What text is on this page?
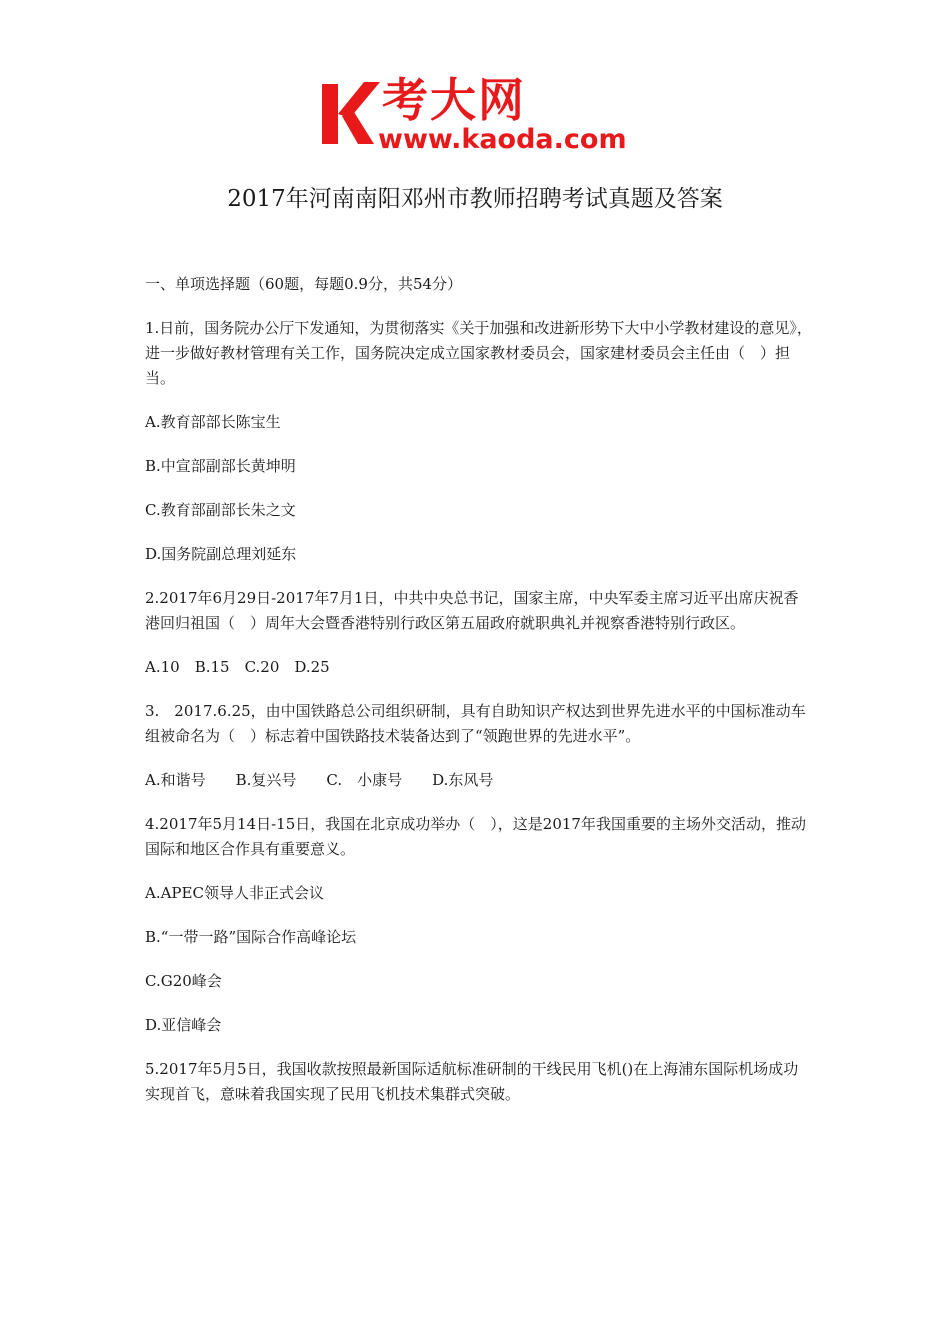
考大网
www.kaoda.com
2017年河南南阳邓州市教师招聘考试真题及答案

一、单项选择题（60题，每题0.9分，共54分）

1.日前，国务院办公厅下发通知，为贯彻落实《关于加强和改进新形势下大中小学教材建设的意见》，进一步做好教材管理有关工作，国务院决定成立国家教材委员会，国家建材委员会主任由（　）担当。

A.教育部部长陈宝生

B.中宣部副部长黄坤明

C.教育部副部长朱之文

D.国务院副总理刘延东

2.2017年6月29日-2017年7月1日，中共中央总书记，国家主席，中央军委主席习近平出席庆祝香港回归祖国（　）周年大会暨香港特别行政区第五届政府就职典礼并视察香港特别行政区。

A.10　B.15　C.20　D.25

3.　2017.6.25，由中国铁路总公司组织研制，具有自助知识产权达到世界先进水平的中国标准动车组被命名为（　）标志着中国铁路技术装备达到了“领跑世界的先进水平”。

A.和谐号　　B.复兴号　　C.　小康号　　D.东风号

4.2017年5月14日-15日，我国在北京成功举办（　），这是2017年我国重要的主场外交活动，推动国际和地区合作具有重要意义。

A.APEC领导人非正式会议

B.“一带一路”国际合作高峰论坛

C.G20峰会

D.亚信峰会

5.2017年5月5日，我国收款按照最新国际适航标准研制的干线民用飞机()在上海浦东国际机场成功实现首飞，意味着我国实现了民用飞机技术集群式突破。
